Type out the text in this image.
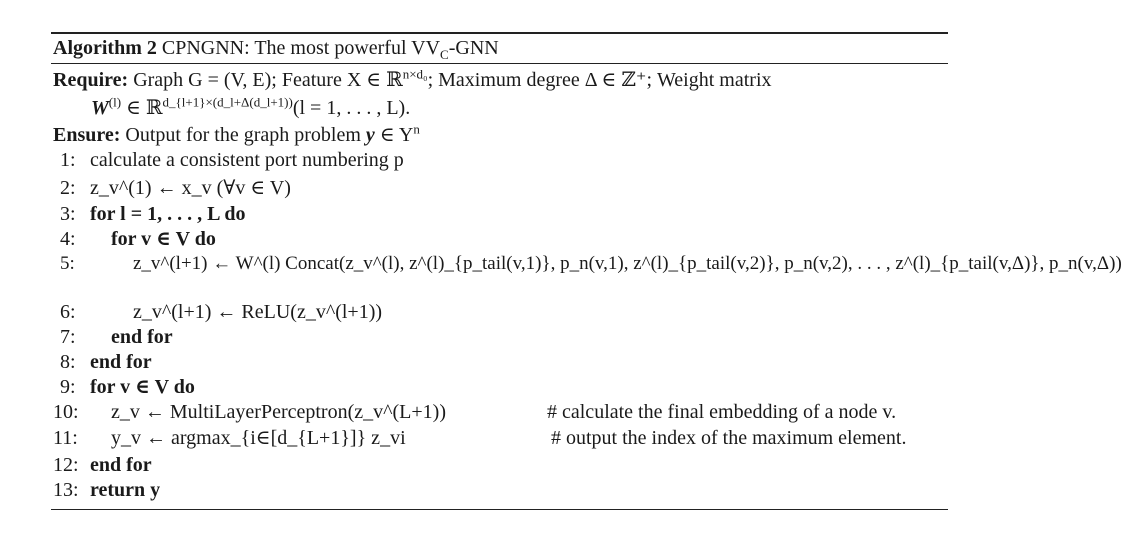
Algorithm 2 CPNGNN: The most powerful $VV_C$-GNN
Require: Graph G = (V, E); Feature X ∈ ℝ$^{n\times d_0}$; Maximum degree Δ ∈ ℤ⁺; Weight matrix
$W^{(l)}$ ∈ ℝ$^{d\_\{l+1\}\times(d\_l+\Delta(d\_l+1))}$(l = 1, . . . , L).
Ensure: Output for the graph problem y ∈ $Y^n$
1: calculate a consistent port numbering p
2: z_v^(1) ← x_v (∀v ∈ V)
3: for l = 1, . . . , L do
4: for v ∈ V do
5:	z_v^(l+1) ← W^(l) Concat(z_v^(l), z^(l)_{p_tail(v,1)}, p_n(v,1), z^(l)_{p_tail(v,2)}, p_n(v,2), . . . , z^(l)_{p_tail(v,Δ)}, p_n(v,Δ))
6:	z_v^(l+1) ← ReLU(z_v^(l+1))
7: end for
8: end for
9: for v ∈ V do
10: z_v ← MultiLayerPerceptron(z_v^(L+1))	# calculate the final embedding of a node v.
11: y_v ← argmax_{i∈[d_{L+1}]} z_vi	# output the index of the maximum element.
12: end for
13: return y
